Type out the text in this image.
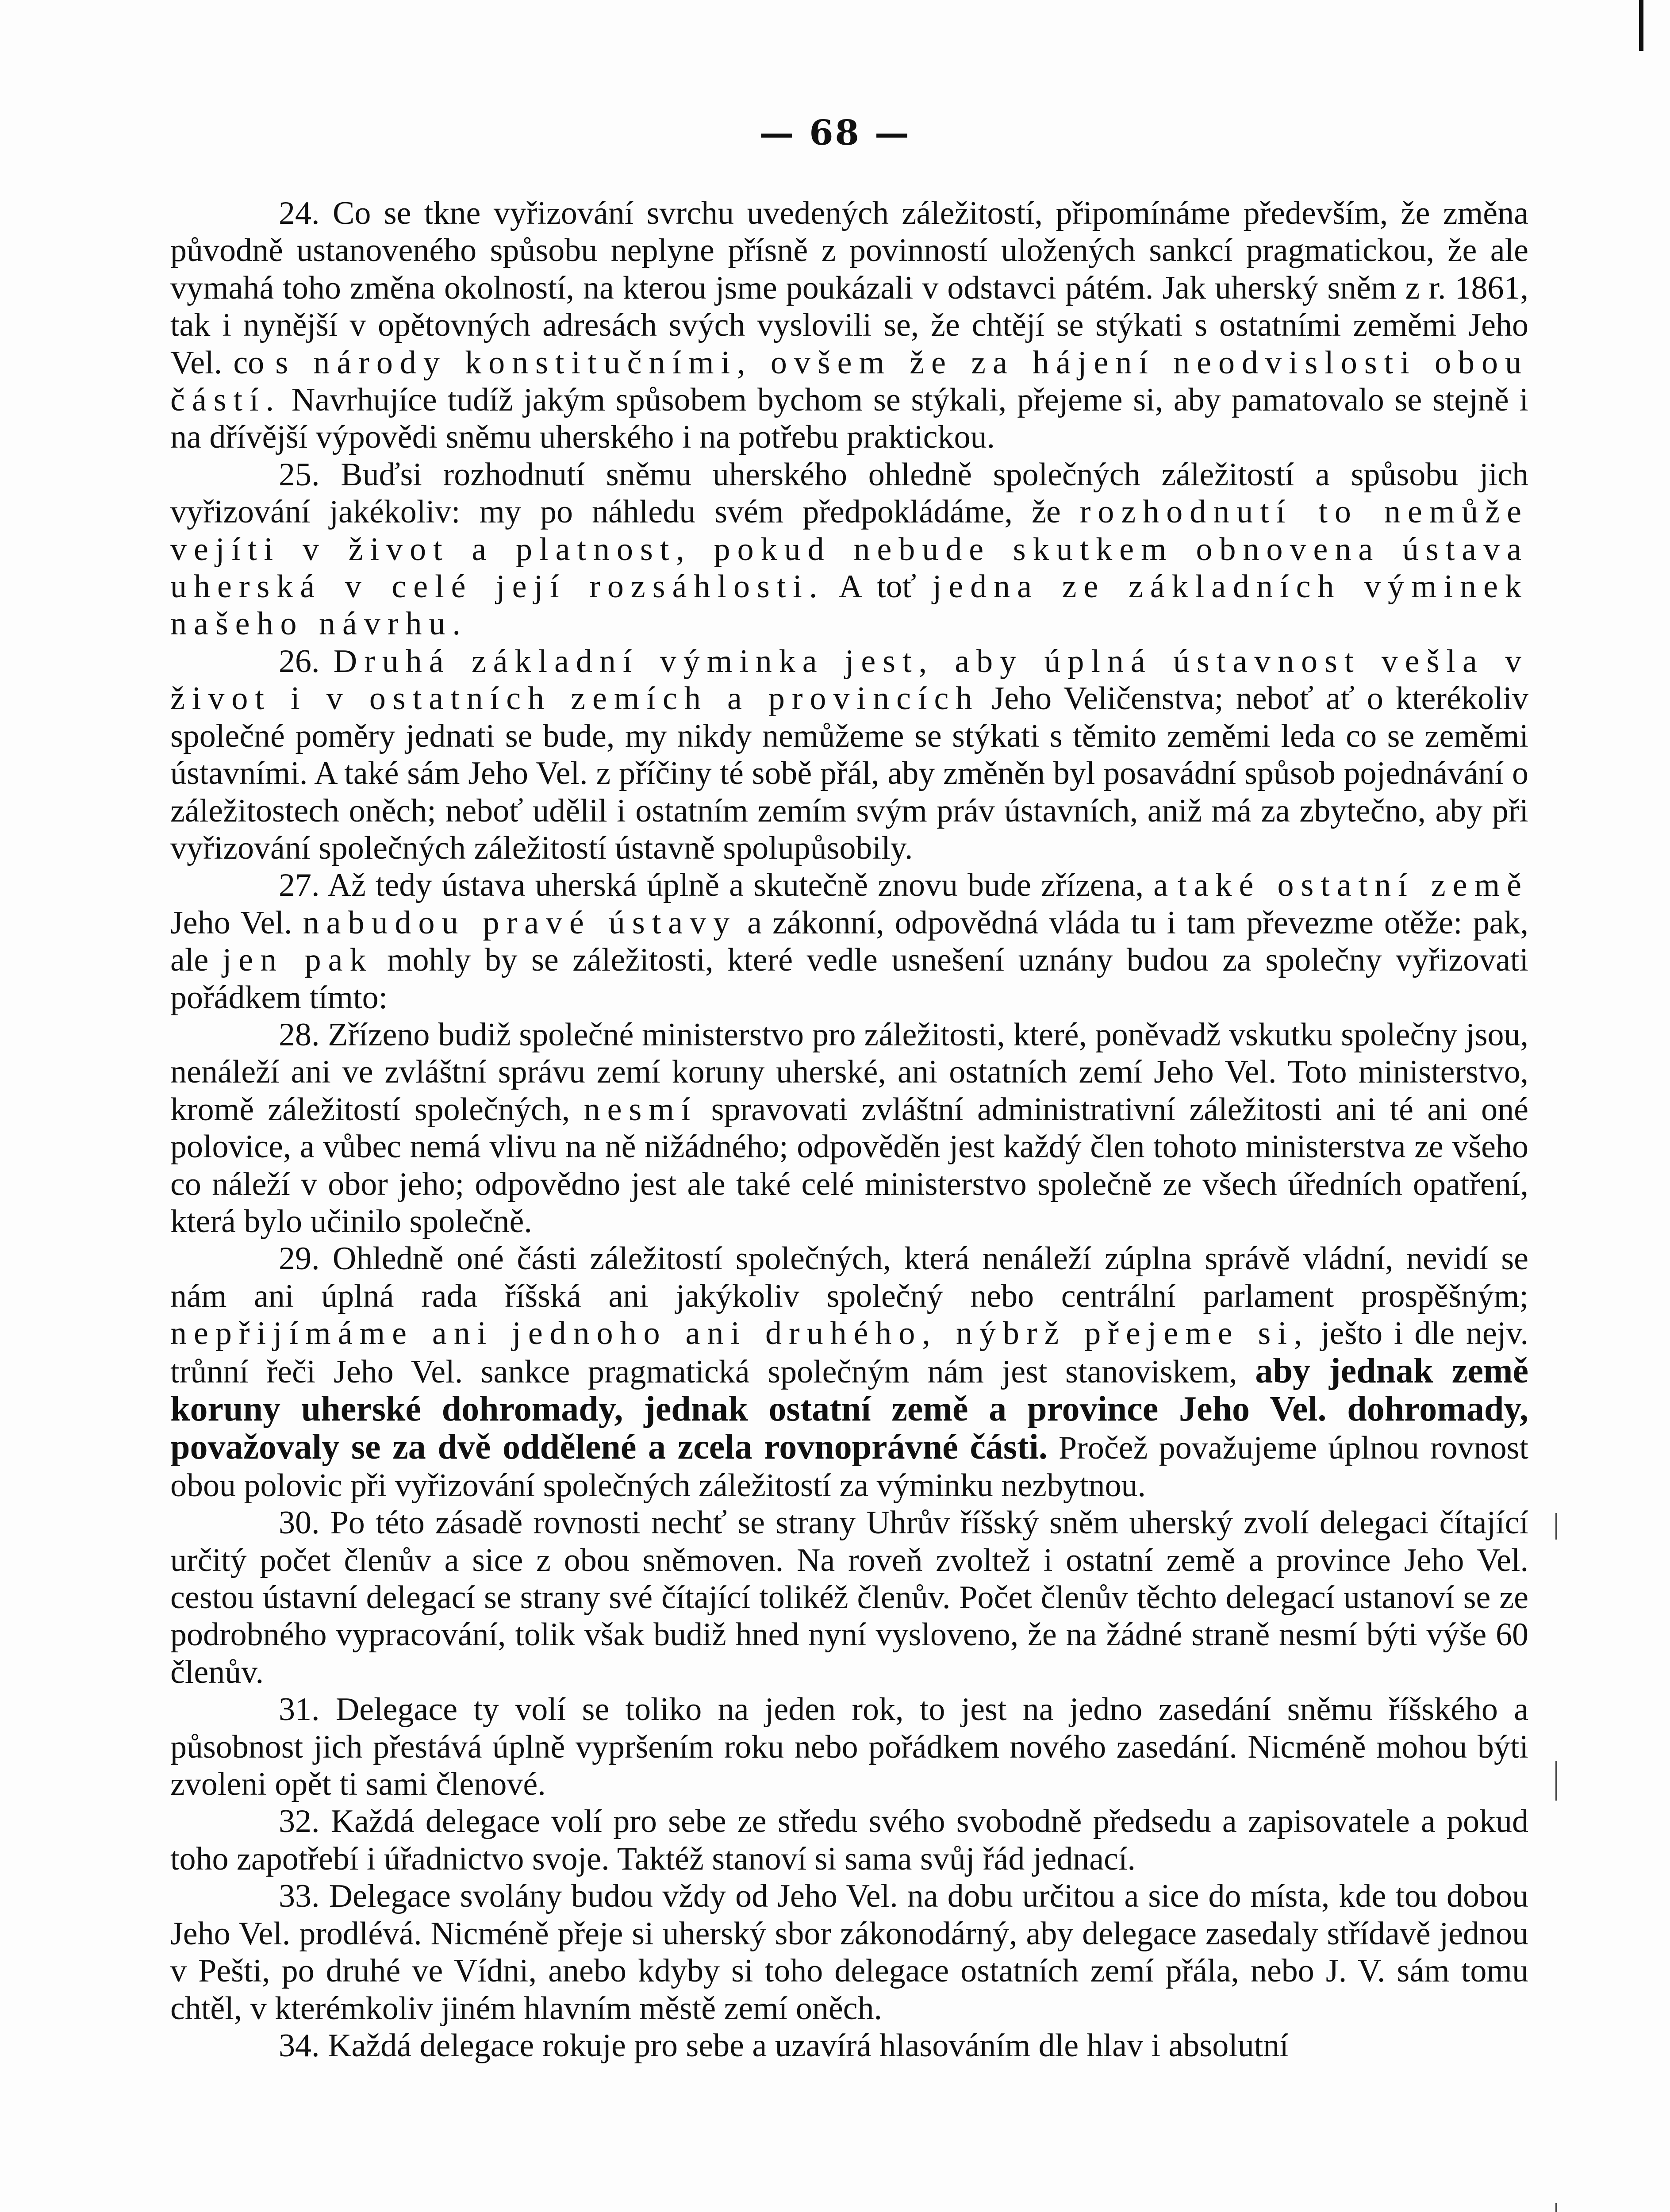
— 68 —

24. Co se tkne vyřizování svrchu uvedených záležitostí, připomínáme především, že změna původně ustanoveného spůsobu neplyne přísně z povinností uložených sankcí pragmatickou, že ale vymahá toho změna okolností, na kterou jsme poukázali v odstavci pátém. Jak uherský sněm z r. 1861, tak i nynější v opětovných adresách svých vyslovili se, že chtějí se stýkati s ostatními zeměmi Jeho Vel. co s národy konstitučními, ovšem že za hájení neodvislosti obou částí. Navrhujíce tudíž jakým spůsobem bychom se stýkali, přejeme si, aby pamatovalo se stejně i na dřívější výpovědi sněmu uherského i na potřebu praktickou.

25. Buďsi rozhodnutí sněmu uherského ohledně společných záležitostí a spůsobu jich vyřizování jakékoliv: my po náhledu svém předpokládáme, že rozhodnutí to nemůže vejíti v život a platnost, pokud nebude skutkem obnovena ústava uherská v celé její rozsáhlosti. A toť jedna ze základních výminek našeho návrhu.

26. Druhá základní výminka jest, aby úplná ústavnost vešla v život i v ostatních zemích a provincích Jeho Veličenstva; neboť ať o kterékoliv společné poměry jednati se bude, my nikdy nemůžeme se stýkati s těmito zeměmi leda co se zeměmi ústavními. A také sám Jeho Vel. z příčiny té sobě přál, aby změněn byl posavádní spůsob pojednávání o záležitostech oněch; neboť udělil i ostatním zemím svým práv ústavních, aniž má za zbytečno, aby při vyřizování společných záležitostí ústavně spolupůsobily.

27. Až tedy ústava uherská úplně a skutečně znovu bude zřízena, a také ostatní země Jeho Vel. nabudou pravé ústavy a zákonní, odpovědná vláda tu i tam převezme otěže: pak, ale jen pak mohly by se záležitosti, které vedle usnešení uznány budou za společny vyřizovati pořádkem tímto:

28. Zřízeno budiž společné ministerstvo pro záležitosti, které, poněvadž vskutku společny jsou, nenáleží ani ve zvláštní správu zemí koruny uherské, ani ostatních zemí Jeho Vel. Toto ministerstvo, kromě záležitostí společných, nesmí spravovati zvláštní administrativní záležitosti ani té ani oné polovice, a vůbec nemá vlivu na ně nižádného; odpověděn jest každý člen tohoto ministerstva ze všeho co náleží v obor jeho; odpovědno jest ale také celé ministerstvo společně ze všech úředních opatření, která bylo učinilo společně.

29. Ohledně oné části záležitostí společných, která nenáleží zúplna správě vládní, nevidí se nám ani úplná rada říšská ani jakýkoliv společný nebo centrální parlament prospěšným; nepřijímáme ani jednoho ani druhého, nýbrž přejeme si, ješto i dle nejv. trůnní řeči Jeho Vel. sankce pragmatická společným nám jest stanoviskem, aby jednak země koruny uherské dohromady, jednak ostatní země a province Jeho Vel. dohromady, považovaly se za dvě oddělené a zcela rovnoprávné části. Pročež považujeme úplnou rovnost obou polovic při vyřizování společných záležitostí za výminku nezbytnou.

30. Po této zásadě rovnosti nechť se strany Uhrův říšský sněm uherský zvolí delegaci čítající určitý počet členův a sice z obou sněmoven. Na roveň zvoltež i ostatní země a province Jeho Vel. cestou ústavní delegací se strany své čítající tolikéž členův. Počet členův těchto delegací ustanoví se ze podrobného vypracování, tolik však budiž hned nyní vysloveno, že na žádné straně nesmí býti výše 60 členův.

31. Delegace ty volí se toliko na jeden rok, to jest na jedno zasedání sněmu říšského a působnost jich přestává úplně vypršením roku nebo pořádkem nového zasedání. Nicméně mohou býti zvoleni opět ti sami členové.

32. Každá delegace volí pro sebe ze středu svého svobodně předsedu a zapisovatele a pokud toho zapotřebí i úřadnictvo svoje. Taktéž stanoví si sama svůj řád jednací.

33. Delegace svolány budou vždy od Jeho Vel. na dobu určitou a sice do místa, kde tou dobou Jeho Vel. prodlévá. Nicméně přeje si uherský sbor zákonodárný, aby delegace zasedaly střídavě jednou v Pešti, po druhé ve Vídni, anebo kdyby si toho delegace ostatních zemí přála, nebo J. V. sám tomu chtěl, v kterémkoliv jiném hlavním městě zemí oněch.

34. Každá delegace rokuje pro sebe a uzavírá hlasováním dle hlav i absolutní
